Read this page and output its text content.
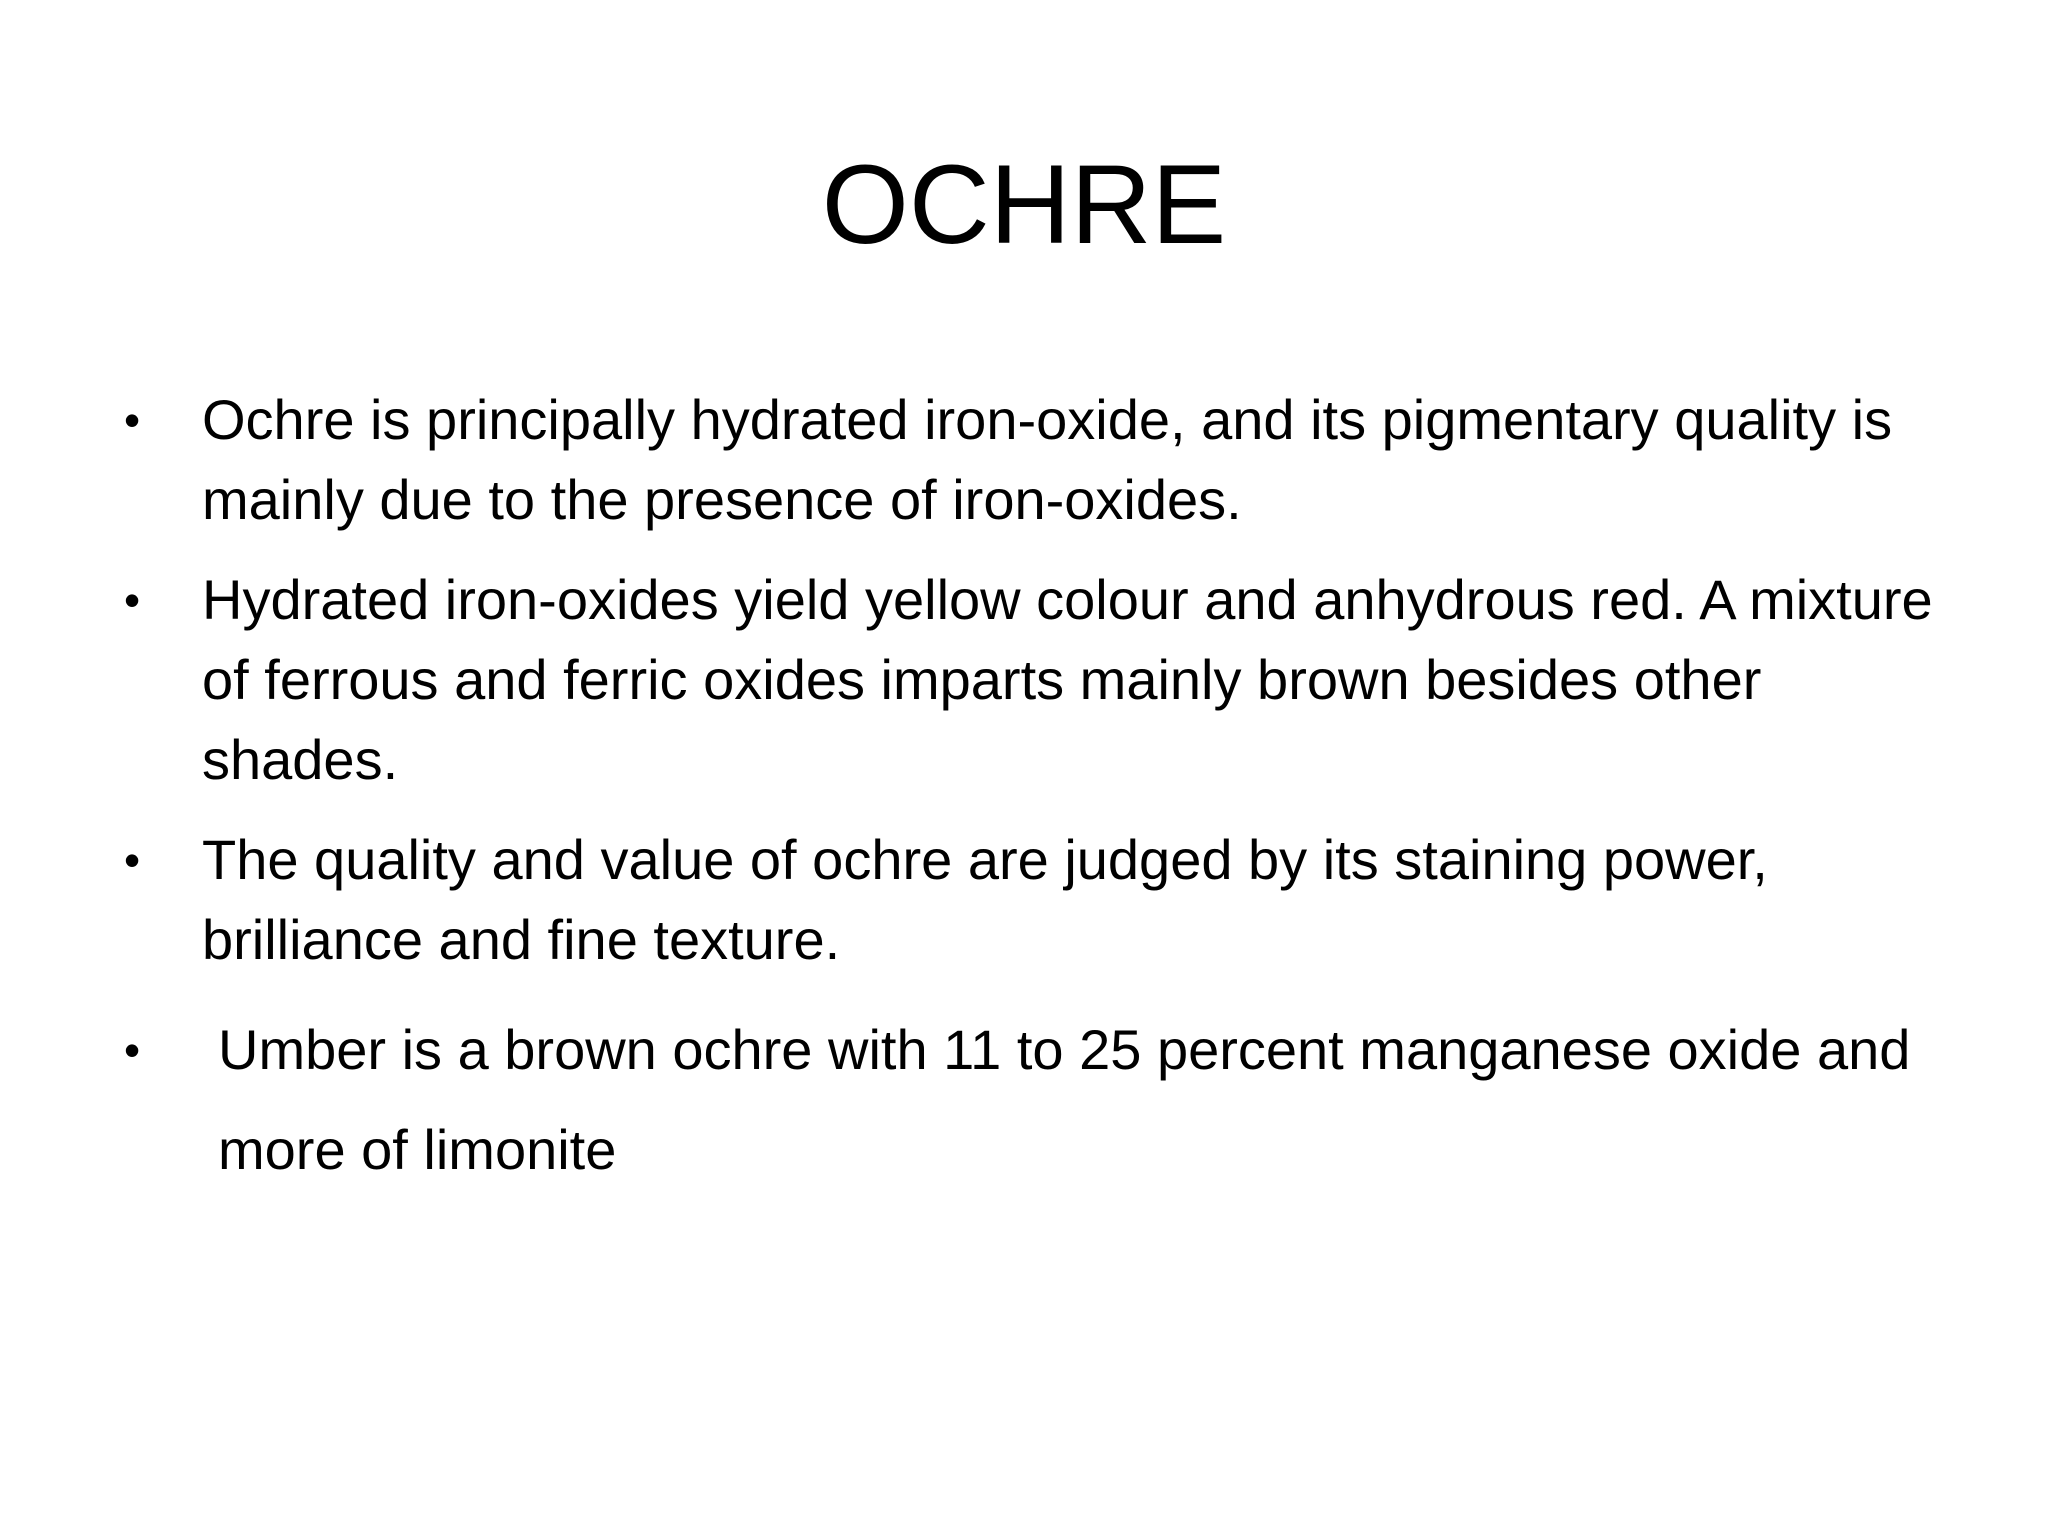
OCHRE
• Ochre is principally hydrated iron-oxide, and its pigmentary quality is mainly due to the presence of iron-oxides.
• Hydrated iron-oxides yield yellow colour and anhydrous red. A mixture of ferrous and ferric oxides imparts mainly brown besides other shades.
• The quality and value of ochre are judged by its staining power, brilliance and fine texture.
• Umber is a brown ochre with 11 to 25 percent manganese oxide and more of limonite
